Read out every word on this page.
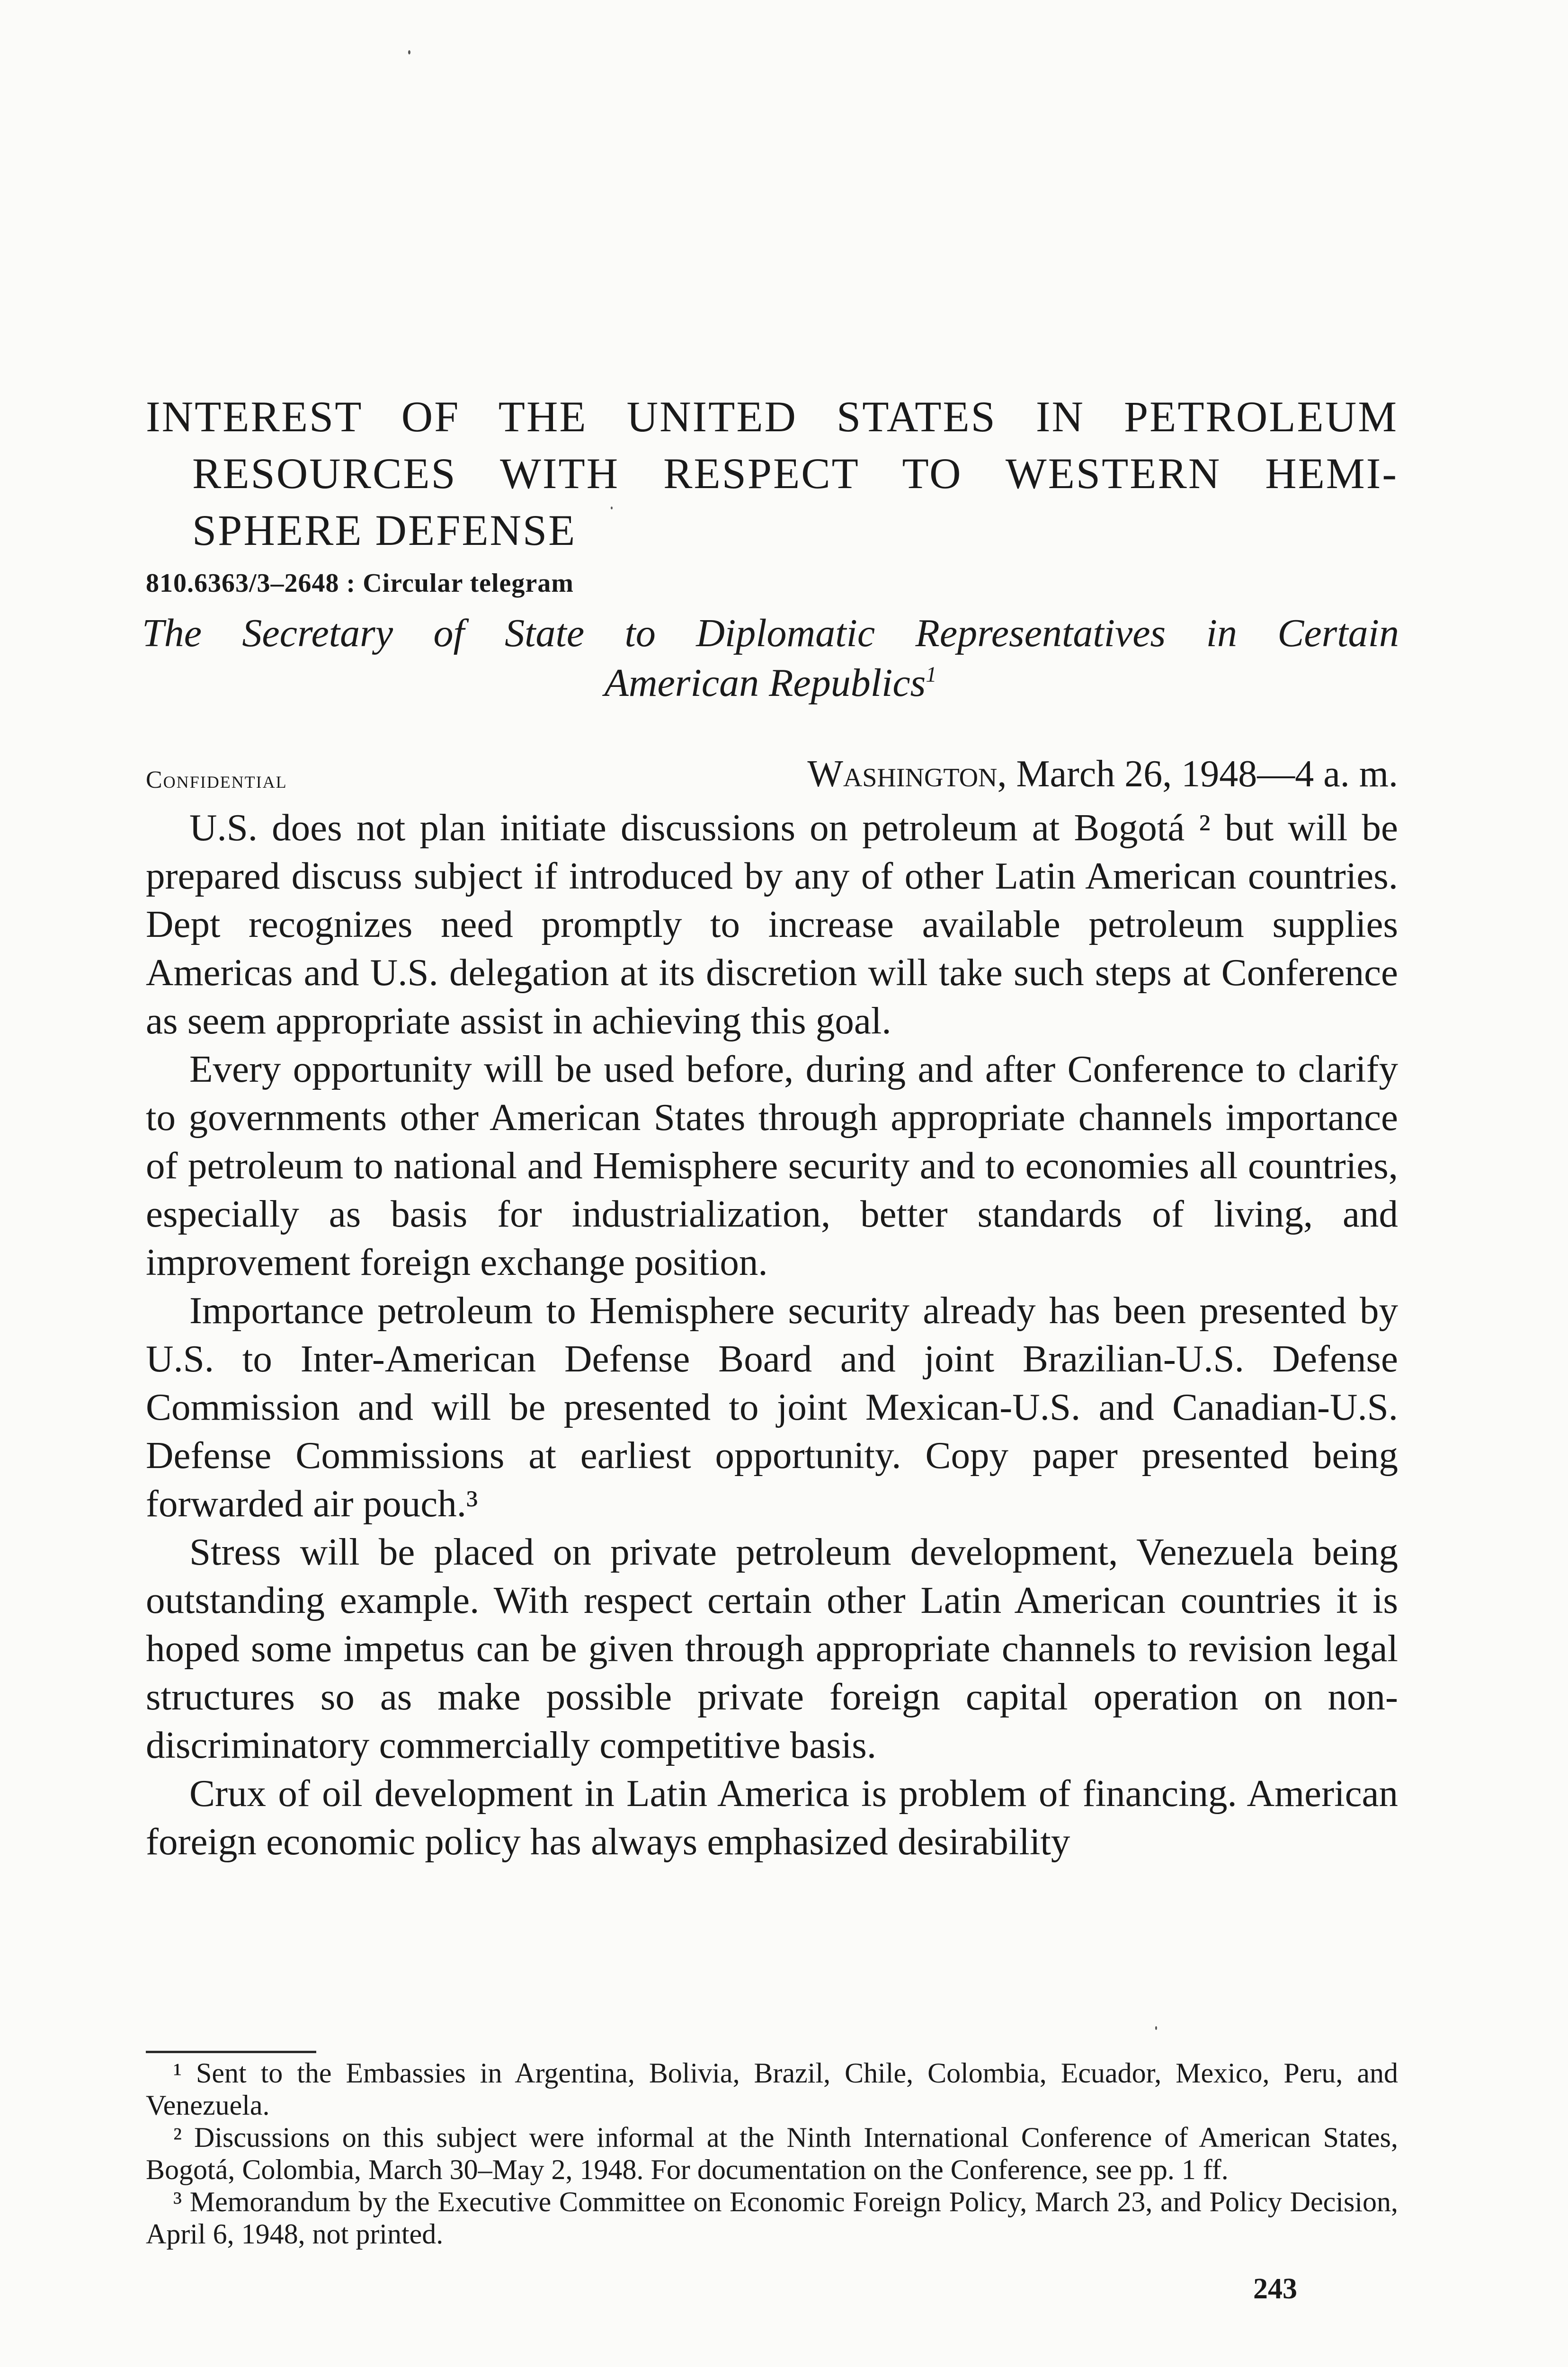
INTEREST OF THE UNITED STATES IN PETROLEUM
RESOURCES WITH RESPECT TO WESTERN HEMI-
SPHERE DEFENSE
810.6363/3–2648 : Circular telegram
The Secretary of State to Diplomatic Representatives in Certain
American Republics$^1$
Confidential	Washington, March 26, 1948—4 a. m.

U.S. does not plan initiate discussions on petroleum at Bogotá ² but will be prepared discuss subject if introduced by any of other Latin American countries. Dept recognizes need promptly to increase available petroleum supplies Americas and U.S. delegation at its discretion will take such steps at Conference as seem appropriate assist in achieving this goal.

Every opportunity will be used before, during and after Conference to clarify to governments other American States through appropriate channels importance of petroleum to national and Hemisphere security and to economies all countries, especially as basis for industrialization, better standards of living, and improvement foreign exchange position.

Importance petroleum to Hemisphere security already has been presented by U.S. to Inter-American Defense Board and joint Brazilian-U.S. Defense Commission and will be presented to joint Mexican-U.S. and Canadian-U.S. Defense Commissions at earliest opportunity. Copy paper presented being forwarded air pouch.³

Stress will be placed on private petroleum development, Venezuela being outstanding example. With respect certain other Latin American countries it is hoped some impetus can be given through appropriate channels to revision legal structures so as make possible private foreign capital operation on non-discriminatory commercially competitive basis.

Crux of oil development in Latin America is problem of financing. American foreign economic policy has always emphasized desirability

¹ Sent to the Embassies in Argentina, Bolivia, Brazil, Chile, Colombia, Ecuador, Mexico, Peru, and Venezuela.

² Discussions on this subject were informal at the Ninth International Conference of American States, Bogotá, Colombia, March 30–May 2, 1948. For documentation on the Conference, see pp. 1 ff.

³ Memorandum by the Executive Committee on Economic Foreign Policy, March 23, and Policy Decision, April 6, 1948, not printed.

243
